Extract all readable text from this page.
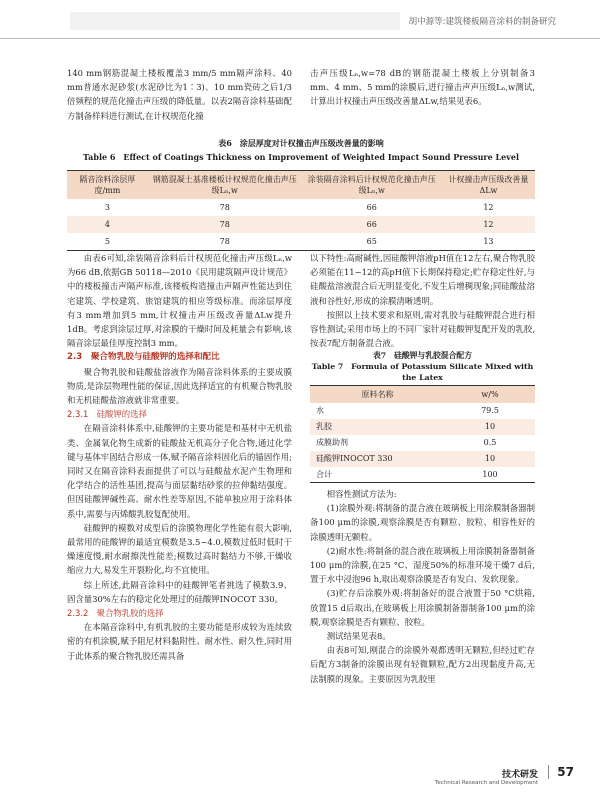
胡中源等:建筑楼板隔音涂料的制备研究

140 mm钢筋混凝土楼板覆盖3 mm/5 mm隔声涂料、40 mm普通水泥砂浆(水泥砂比为1∶3)、10 mm瓷砖之后1/3倍频程的规范化撞击声压级的降低量。以表2隔音涂料基础配方制备样料进行测试,在计权规范化撞

击声压级Lₙ,w=78 dB的钢筋混凝土楼板上分别制备3 mm、4 mm、5 mm的涂膜后,进行撞击声声压级Lₙ,w测试,计算出计权撞击声压级改善量ΔLw,结果见表6。

表6　涂层厚度对计权撞击声压级改善量的影响
Table 6　Effect of Coatings Thickness on Improvement of Weighted Impact Sound Pressure Level
隔音涂料涂层厚度/mm	钢筋混凝土基准楼板计权规范化撞击声压级Lₙ,w	涂装隔音涂料后计权规范化撞击声压级Lₙ,w	计权撞击声压级改善量ΔLw
3	78	66	12
4	78	66	12
5	78	65	13

由表6可知,涂装隔音涂料后计权规范化撞击声压级Lₙ,w为66 dB,依据GB 50118—2010《民用建筑隔声设计规范》中的楼板撞击声隔声标准,该楼板构造撞击声隔声性能达到住宅建筑、学校建筑、旅馆建筑的相应等级标准。而涂层厚度有3 mm增加到5 mm,计权撞击声压级改善量ΔLw提升1dB。考虑到涂层过厚,对涂膜的干燥时间及耗量会有影响,该隔音涂层最佳厚度控制3 mm。

2.3　聚合物乳胶与硅酸钾的选择和配比

聚合物乳胶和硅酸盐溶液作为隔音涂料体系的主要成膜物质,是涂层物理性能的保证,因此选择适宜的有机聚合物乳胶和无机硅酸盐溶液就非常重要。

2.3.1　硅酸钾的选择

在隔音涂料体系中,硅酸钾的主要功能是和基材中无机盐类、金属氧化物生成新的硅酸盐无机高分子化合物,通过化学键与基体牢固结合形成一体,赋予隔音涂料固化后的锚固作用;同时又在隔音涂料表面提供了可以与硅酸盐水泥产生物理和化学结合的活性基团,提高与面层黏结砂浆的拉伸黏结强度。但因硅酸钾碱性高、耐水性差等原因,不能单独应用于涂料体系中,需要与丙烯酸乳胶复配使用。

硅酸钾的模数对成型后的涂膜物理化学性能有很大影响,最常用的硅酸钾的最适宜模数是3.5~4.0,模数过低时低时干燥速度慢,耐水耐擦洗性能差;模数过高时黏结力不够,干燥收缩应力大,易发生开裂粉化,均不宜使用。

综上所述,此隔音涂料中的硅酸钾笔者挑选了模数3.9、固含量30%左右的稳定化处理过的硅酸钾INOCOT 330。

2.3.2　聚合物乳胶的选择

在本隔音涂料中,有机乳胶的主要功能是形成较为连续致密的有机涂膜,赋予阻尼材料黏附性、耐水性、耐久性,同时用于此体系的聚合物乳胶还需具备

以下特性:高耐碱性,因硅酸钾溶液pH值在12左右,聚合物乳胶必须能在11~12的高pH值下长期保持稳定;贮存稳定性好,与硅酸盐溶液混合后无明显变化,不发生后增稠现象;同硅酸盐溶液和谷性好,形成的涂膜清晰透明。

按照以上技术要求和原则,需对乳胶与硅酸钾混合进行相容性测试;采用市场上的不同厂家针对硅酸钾复配开发的乳胶,按表7配方制备混合液。

表7　硅酸钾与乳胶混合配方
Table 7　Formula of Potassium Silicate Mixed with the Latex
原料名称	w/%
水	79.5
乳胶	10
成膜助剂	0.5
硅酸钾INOCOT 330	10
合计	100

相容性测试方法为:

(1)涂膜外观:将制备的混合液在玻璃板上用涂膜制备器制备100 μm的涂膜,观察涂膜是否有颗粒、胶粒、相容性好的涂膜透明无颗粒。

(2)耐水性:将制备的混合液在玻璃板上用涂膜制备器制备100 μm的涂膜,在25 °C、湿度50%的标准环境干燥7 d后,置于水中浸泡96 h,取出观察涂膜是否有发白、发软现象。

(3)贮存后涂膜外观:将制备好的混合液置于50 °C烘箱,放置15 d后取出,在玻璃板上用涂膜制备器制备100 μm的涂膜,观察涂膜是否有颗粒、胶粒。

测试结果见表8。

由表8可知,刚混合的涂膜外观都透明无颗粒,但经过贮存后配方3制备的涂膜出现有轻微颗粒,配方2出现黏度升高,无法制膜的现象。主要原因为乳胶里

技术研发
Technical Research and Development
57
